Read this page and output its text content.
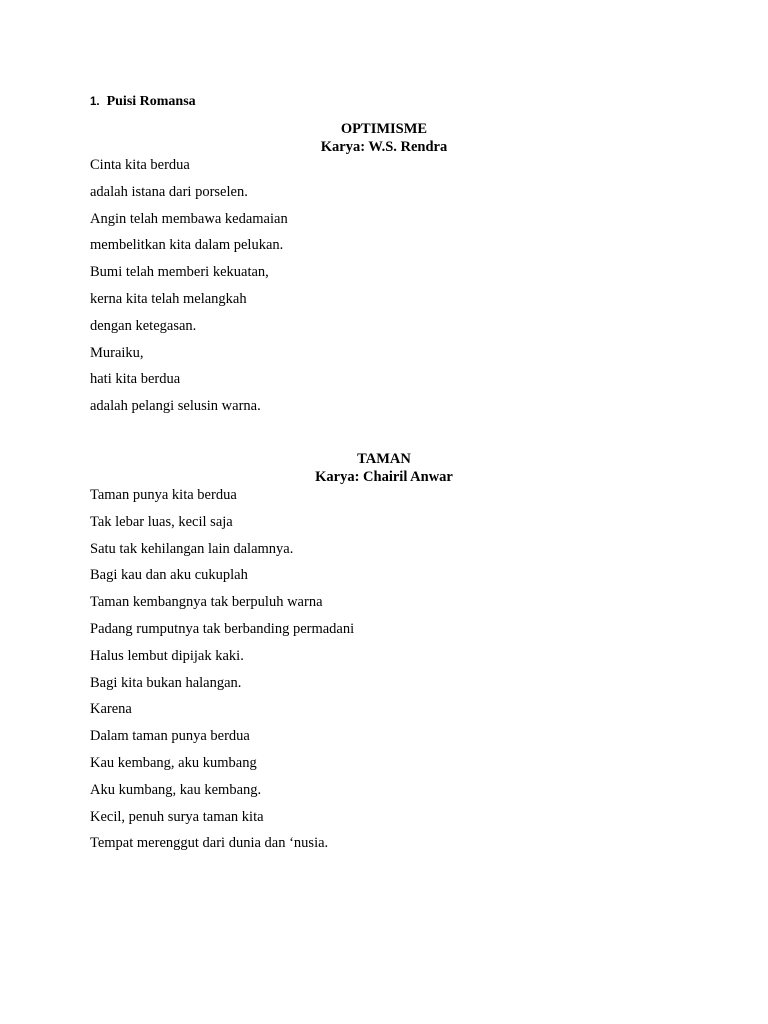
1. Puisi Romansa
OPTIMISME
Karya: W.S. Rendra
Cinta kita berdua
adalah istana dari porselen.
Angin telah membawa kedamaian
membelitkan kita dalam pelukan.
Bumi telah memberi kekuatan,
kerna kita telah melangkah
dengan ketegasan.
Muraiku,
hati kita berdua
adalah pelangi selusin warna.
TAMAN
Karya: Chairil Anwar
Taman punya kita berdua
Tak lebar luas, kecil saja
Satu tak kehilangan lain dalamnya.
Bagi kau dan aku cukuplah
Taman kembangnya tak berpuluh warna
Padang rumputnya tak berbanding permadani
Halus lembut dipijak kaki.
Bagi kita bukan halangan.
Karena
Dalam taman punya berdua
Kau kembang, aku kumbang
Aku kumbang, kau kembang.
Kecil, penuh surya taman kita
Tempat merenggut dari dunia dan ‘nusia.
